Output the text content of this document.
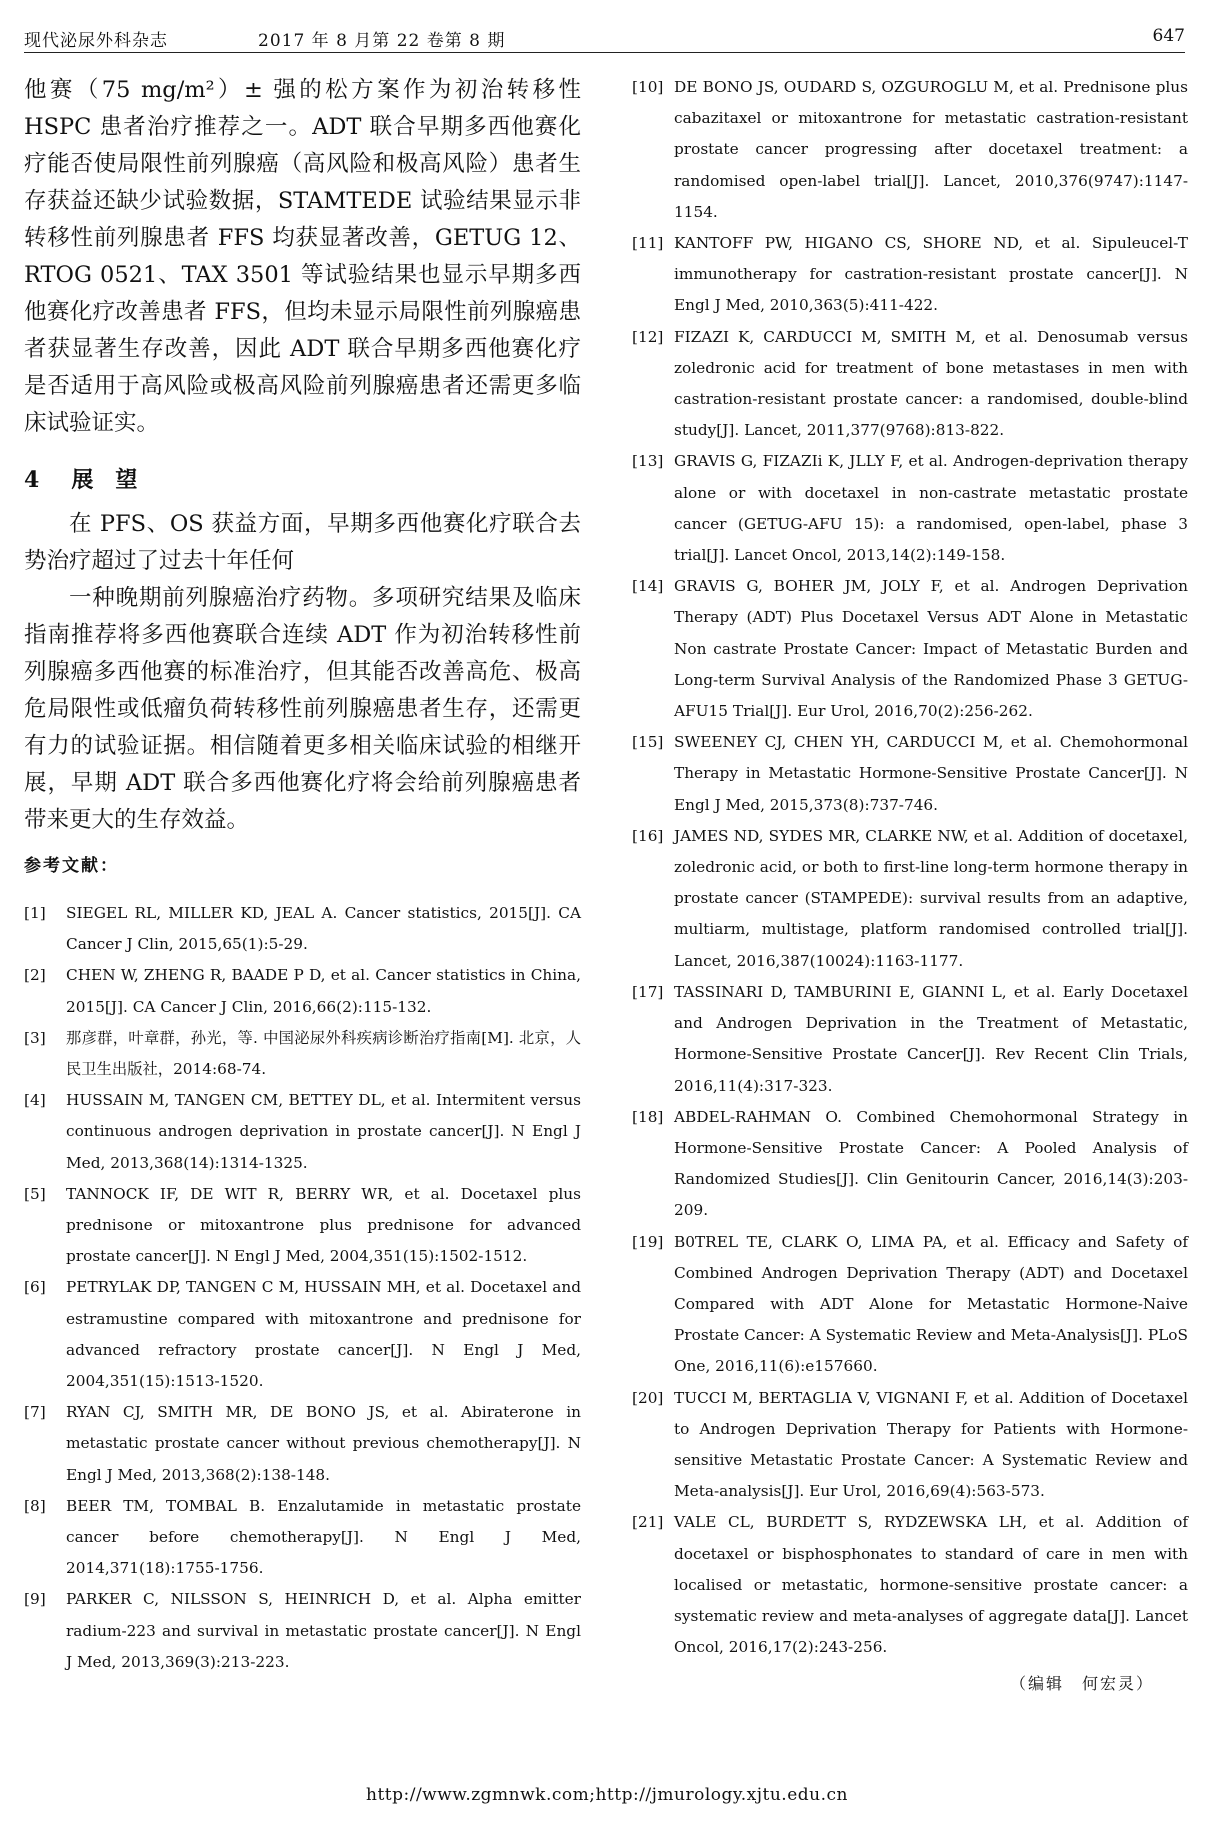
现代泌尿外科杂志	2017 年 8 月第 22 卷第 8 期	647

他赛（75 mg/m²）± 强的松方案作为初治转移性 HSPC 患者治疗推荐之一。ADT 联合早期多西他赛化疗能否使局限性前列腺癌（高风险和极高风险）患者生存获益还缺少试验数据，STAMTEDE 试验结果显示非转移性前列腺患者 FFS 均获显著改善，GETUG 12、RTOG 0521、TAX 3501 等试验结果也显示早期多西他赛化疗改善患者 FFS，但均未显示局限性前列腺癌患者获显著生存改善，因此 ADT 联合早期多西他赛化疗是否适用于高风险或极高风险前列腺癌患者还需更多临床试验证实。

4 展望

在 PFS、OS 获益方面，早期多西他赛化疗联合去势治疗超过了过去十年任何

一种晚期前列腺癌治疗药物。多项研究结果及临床指南推荐将多西他赛联合连续 ADT 作为初治转移性前列腺癌多西他赛的标准治疗，但其能否改善高危、极高危局限性或低瘤负荷转移性前列腺癌患者生存，还需更有力的试验证据。相信随着更多相关临床试验的相继开展，早期 ADT 联合多西他赛化疗将会给前列腺癌患者带来更大的生存效益。

参考文献：
[1]	SIEGEL RL, MILLER KD, JEAL A. Cancer statistics, 2015[J]. CA Cancer J Clin, 2015,65(1):5-29.
[2]	CHEN W, ZHENG R, BAADE P D, et al. Cancer statistics in China, 2015[J]. CA Cancer J Clin, 2016,66(2):115-132.
[3]	那彦群，叶章群，孙光，等. 中国泌尿外科疾病诊断治疗指南[M]. 北京，人民卫生出版社，2014:68-74.
[4]	HUSSAIN M, TANGEN CM, BETTEY DL, et al. Intermitent versus continuous androgen deprivation in prostate cancer[J]. N Engl J Med, 2013,368(14):1314-1325.
[5]	TANNOCK IF, DE WIT R, BERRY WR, et al. Docetaxel plus prednisone or mitoxantrone plus prednisone for advanced prostate cancer[J]. N Engl J Med, 2004,351(15):1502-1512.
[6]	PETRYLAK DP, TANGEN C M, HUSSAIN MH, et al. Docetaxel and estramustine compared with mitoxantrone and prednisone for advanced refractory prostate cancer[J]. N Engl J Med, 2004,351(15):1513-1520.
[7]	RYAN CJ, SMITH MR, DE BONO JS, et al. Abiraterone in metastatic prostate cancer without previous chemotherapy[J]. N Engl J Med, 2013,368(2):138-148.
[8]	BEER TM, TOMBAL B. Enzalutamide in metastatic prostate cancer before chemotherapy[J]. N Engl J Med, 2014,371(18):1755-1756.
[9]	PARKER C, NILSSON S, HEINRICH D, et al. Alpha emitter radium-223 and survival in metastatic prostate cancer[J]. N Engl J Med, 2013,369(3):213-223.
[10] DE BONO JS, OUDARD S, OZGUROGLU M, et al. Prednisone plus cabazitaxel or mitoxantrone for metastatic castration-resistant prostate cancer progressing after docetaxel treatment: a randomised open-label trial[J]. Lancet, 2010,376(9747):1147-1154.
[11] KANTOFF PW, HIGANO CS, SHORE ND, et al. Sipuleucel-T immunotherapy for castration-resistant prostate cancer[J]. N Engl J Med, 2010,363(5):411-422.
[12] FIZAZI K, CARDUCCI M, SMITH M, et al. Denosumab versus zoledronic acid for treatment of bone metastases in men with castration-resistant prostate cancer: a randomised, double-blind study[J]. Lancet, 2011,377(9768):813-822.
[13] GRAVIS G, FIZAZIi K, JLLY F, et al. Androgen-deprivation therapy alone or with docetaxel in non-castrate metastatic prostate cancer (GETUG-AFU 15): a randomised, open-label, phase 3 trial[J]. Lancet Oncol, 2013,14(2):149-158.
[14] GRAVIS G, BOHER JM, JOLY F, et al. Androgen Deprivation Therapy (ADT) Plus Docetaxel Versus ADT Alone in Metastatic Non castrate Prostate Cancer: Impact of Metastatic Burden and Long-term Survival Analysis of the Randomized Phase 3 GETUG-AFU15 Trial[J]. Eur Urol, 2016,70(2):256-262.
[15] SWEENEY CJ, CHEN YH, CARDUCCI M, et al. Chemohormonal Therapy in Metastatic Hormone-Sensitive Prostate Cancer[J]. N Engl J Med, 2015,373(8):737-746.
[16] JAMES ND, SYDES MR, CLARKE NW, et al. Addition of docetaxel, zoledronic acid, or both to first-line long-term hormone therapy in prostate cancer (STAMPEDE): survival results from an adaptive, multiarm, multistage, platform randomised controlled trial[J]. Lancet, 2016,387(10024):1163-1177.
[17] TASSINARI D, TAMBURINI E, GIANNI L, et al. Early Docetaxel and Androgen Deprivation in the Treatment of Metastatic, Hormone-Sensitive Prostate Cancer[J]. Rev Recent Clin Trials, 2016,11(4):317-323.
[18] ABDEL-RAHMAN O. Combined Chemohormonal Strategy in Hormone-Sensitive Prostate Cancer: A Pooled Analysis of Randomized Studies[J]. Clin Genitourin Cancer, 2016,14(3):203-209.
[19] B0TREL TE, CLARK O, LIMA PA, et al. Efficacy and Safety of Combined Androgen Deprivation Therapy (ADT) and Docetaxel Compared with ADT Alone for Metastatic Hormone-Naive Prostate Cancer: A Systematic Review and Meta-Analysis[J]. PLoS One, 2016,11(6):e157660.
[20] TUCCI M, BERTAGLIA V, VIGNANI F, et al. Addition of Docetaxel to Androgen Deprivation Therapy for Patients with Hormone-sensitive Metastatic Prostate Cancer: A Systematic Review and Meta-analysis[J]. Eur Urol, 2016,69(4):563-573.
[21] VALE CL, BURDETT S, RYDZEWSKA LH, et al. Addition of docetaxel or bisphosphonates to standard of care in men with localised or metastatic, hormone-sensitive prostate cancer: a systematic review and meta-analyses of aggregate data[J]. Lancet Oncol, 2016,17(2):243-256.
（编辑　何宏灵）
http://www.zgmnwk.com;http://jmurology.xjtu.edu.cn
